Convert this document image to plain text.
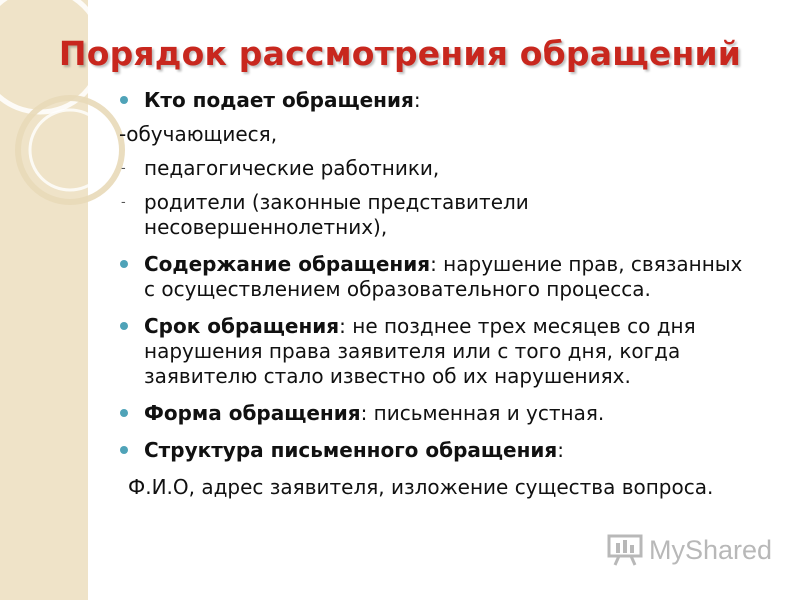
Порядок рассмотрения обращений
Кто подает обращения:
-обучающиеся,
- педагогические работники,
- родители (законные представители
несовершеннолетних),
Содержание обращения: нарушение прав, связанных
с осуществлением образовательного процесса.
Срок обращения: не позднее трех месяцев со дня
нарушения права заявителя или с того дня, когда
заявителю стало известно об их нарушениях.
Форма обращения: письменная и устная.
Структура письменного обращения:
Ф.И.О, адрес заявителя, изложение существа вопроса.
MyShared
